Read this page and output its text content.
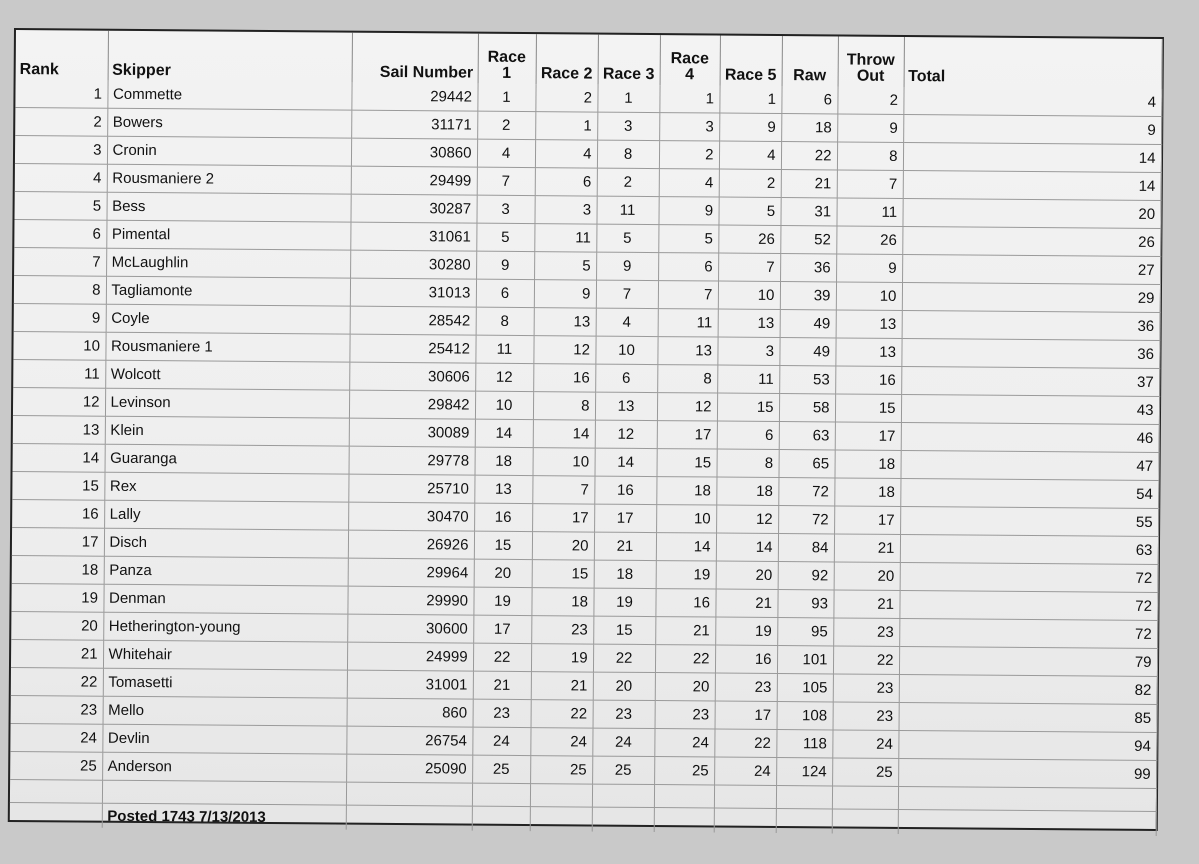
Rank	Skipper	Sail Number	Race 1	Race 2	Race 3	Race 4	Race 5	Raw	Throw Out	Total
1	Commette	29442	1	2	1	1	1	6	2	4
2	Bowers	31171	2	1	3	3	9	18	9	9
3	Cronin	30860	4	4	8	2	4	22	8	14
4	Rousmaniere 2	29499	7	6	2	4	2	21	7	14
5	Bess	30287	3	3	11	9	5	31	11	20
6	Pimental	31061	5	11	5	5	26	52	26	26
7	McLaughlin	30280	9	5	9	6	7	36	9	27
8	Tagliamonte	31013	6	9	7	7	10	39	10	29
9	Coyle	28542	8	13	4	11	13	49	13	36
10	Rousmaniere 1	25412	11	12	10	13	3	49	13	36
11	Wolcott	30606	12	16	6	8	11	53	16	37
12	Levinson	29842	10	8	13	12	15	58	15	43
13	Klein	30089	14	14	12	17	6	63	17	46
14	Guaranga	29778	18	10	14	15	8	65	18	47
15	Rex	25710	13	7	16	18	18	72	18	54
16	Lally	30470	16	17	17	10	12	72	17	55
17	Disch	26926	15	20	21	14	14	84	21	63
18	Panza	29964	20	15	18	19	20	92	20	72
19	Denman	29990	19	18	19	16	21	93	21	72
20	Hetherington-young	30600	17	23	15	21	19	95	23	72
21	Whitehair	24999	22	19	22	22	16	101	22	79
22	Tomasetti	31001	21	21	20	20	23	105	23	82
23	Mello	860	23	22	23	23	17	108	23	85
24	Devlin	26754	24	24	24	24	22	118	24	94
25	Anderson	25090	25	25	25	25	24	124	25	99

	Posted 1743 7/13/2013									
